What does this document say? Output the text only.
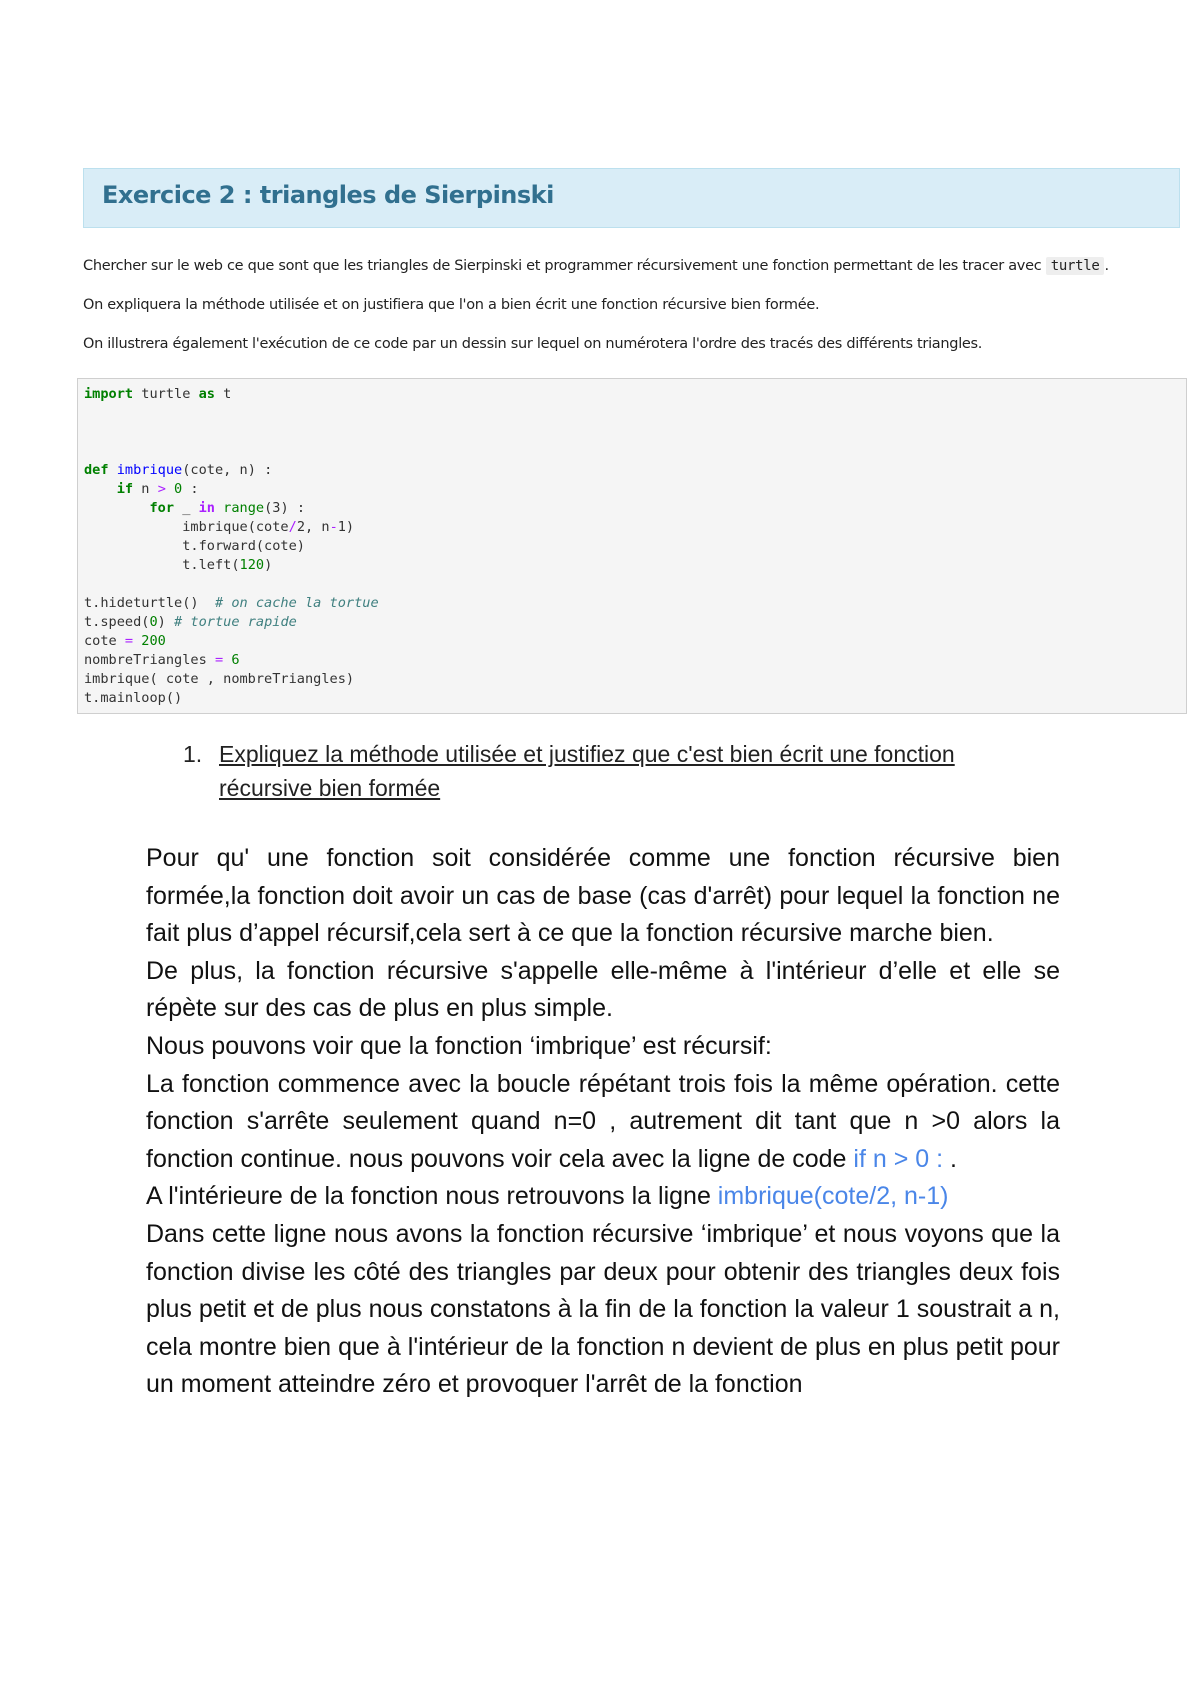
Exercice 2 : triangles de Sierpinski

Chercher sur le web ce que sont que les triangles de Sierpinski et programmer récursivement une fonction permettant de les tracer avec turtle .

On expliquera la méthode utilisée et on justifiera que l'on a bien écrit une fonction récursive bien formée.

On illustrera également l'exécution de ce code par un dessin sur lequel on numérotera l'ordre des tracés des différents triangles.

import turtle as t

def imbrique(cote, n) :
if n > 0 :
for _ in range(3) :
imbrique(cote/2, n-1)
t.forward(cote)
t.left(120)

t.hideturtle()  # on cache la tortue
t.speed(0) # tortue rapide
cote = 200
nombreTriangles = 6
imbrique( cote , nombreTriangles)
t.mainloop()
1. Expliquez la méthode utilisée et justifiez que c'est bien écrit une fonction récursive bien formée

Pour qu' une fonction soit considérée comme une fonction récursive bien formée,la fonction doit avoir un cas de base (cas d'arrêt) pour lequel la fonction ne fait plus d’appel récursif,cela sert à ce que la fonction récursive marche bien.

De plus, la fonction récursive s'appelle elle-même à l'intérieur d’elle et elle se répète sur des cas de plus en plus simple.

Nous pouvons voir que la fonction ‘imbrique’ est récursif:

La fonction commence avec la boucle répétant trois fois la même opération. cette fonction s'arrête seulement quand n=0 , autrement dit tant que n >0 alors la fonction continue. nous pouvons voir cela avec la ligne de code if n > 0 : .

A l'intérieure de la fonction nous retrouvons la ligne imbrique(cote/2, n-1)

Dans cette ligne nous avons la fonction récursive ‘imbrique’ et nous voyons que la fonction divise les côté des triangles par deux pour obtenir des triangles deux fois plus petit et de plus nous constatons à la fin de la fonction la valeur 1 soustrait a n, cela montre bien que à l'intérieur de la fonction n devient de plus en plus petit pour un moment atteindre zéro et provoquer l'arrêt de la fonction
